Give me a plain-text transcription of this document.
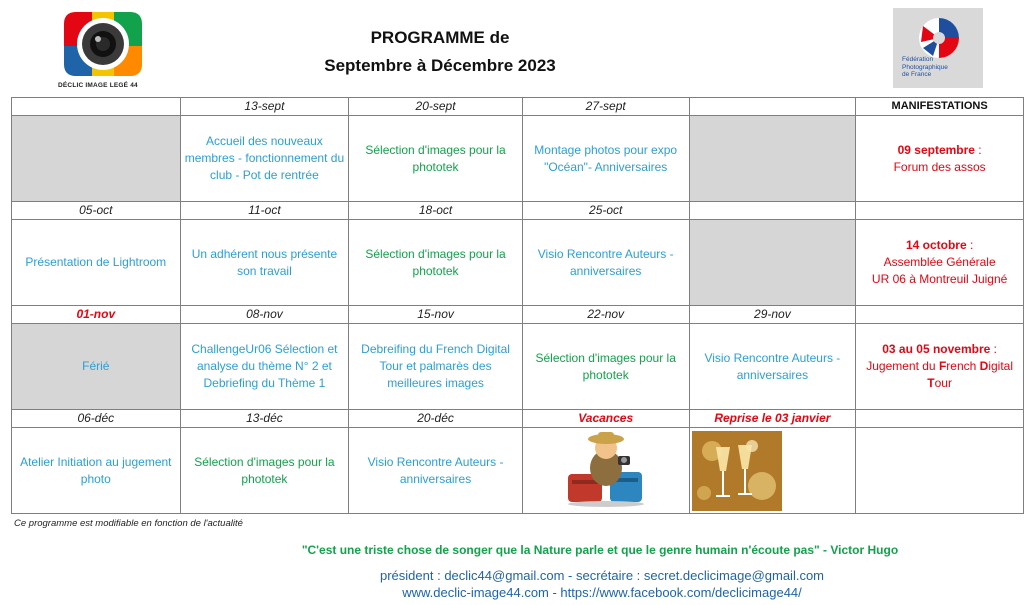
DÉCLIC IMAGE LEGÉ 44
PROGRAMME de
Septembre à Décembre 2023	Fédération
Photographique
de France
	13-sept	20-sept	27-sept		MANIFESTATIONS
	Accueil des nouveaux membres - fonctionnement du club - Pot de rentrée	Sélection d'images pour la phototek	Montage photos pour expo "Océan"- Anniversaires		09 septembre :
Forum des assos
05-oct	11-oct	18-oct	25-oct		
Présentation de Lightroom	Un adhérent nous présente son travail	Sélection d'images pour la phototek	Visio Rencontre Auteurs - anniversaires		14 octobre :
Assemblée Générale
UR 06 à Montreuil Juigné
01-nov	08-nov	15-nov	22-nov	29-nov	
Férié	ChallengeUr06 Sélection et analyse du thème N° 2 et Debriefing du Thème 1	Debreifing du French Digital Tour et palmarès des meilleures images	Sélection d'images pour la phototek	Visio Rencontre Auteurs - anniversaires	03 au 05 novembre : Jugement du French Digital Tour
06-déc	13-déc	20-déc	Vacances	Reprise le 03 janvier	
Atelier Initiation au jugement photo	Sélection d'images pour la phototek	Visio Rencontre Auteurs - anniversaires		

Ce programme est modifiable en fonction de l'actualité
"C'est une triste chose de songer que la Nature parle et que le genre humain n'écoute pas" - Victor Hugo
président : declic44@gmail.com - secrétaire : secret.declicimage@gmail.com
www.declic-image44.com - https://www.facebook.com/declicimage44/
